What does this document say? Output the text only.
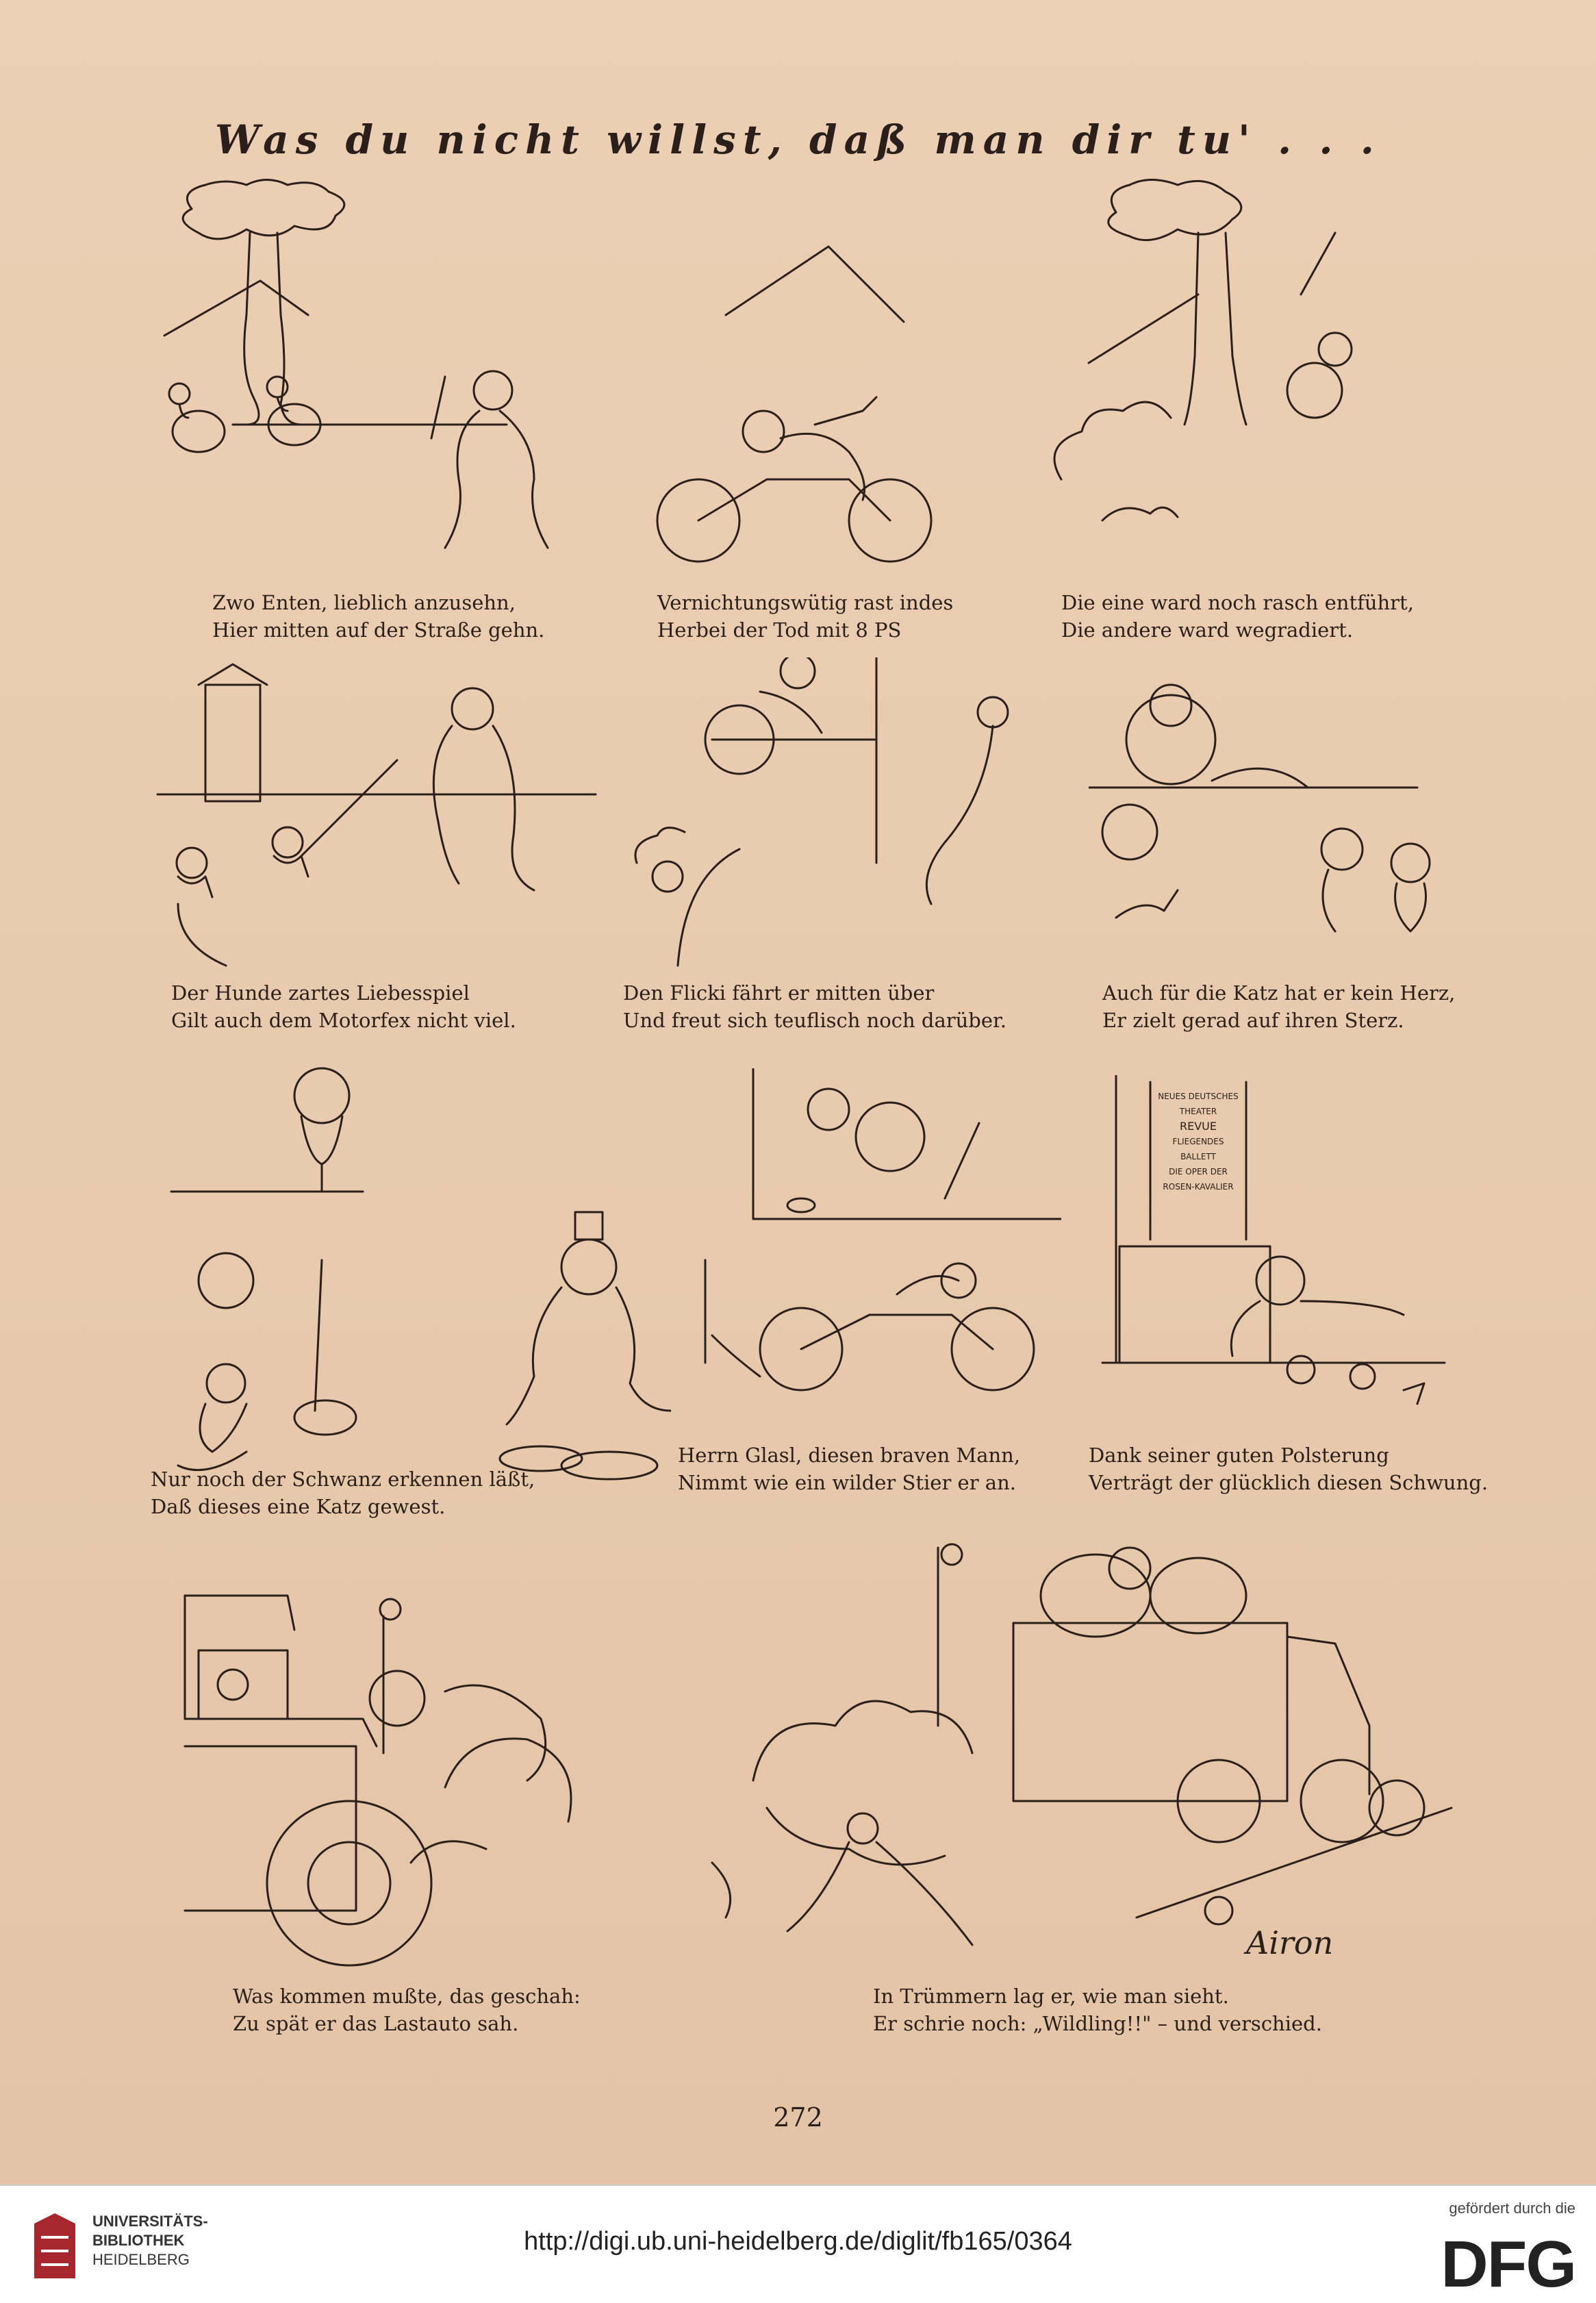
Was du nicht willst, daß man dir tu' . . .
Zwo Enten, lieblich anzusehn,
Hier mitten auf der Straße gehn.
Vernichtungswütig rast indes
Herbei der Tod mit 8 PS
Die eine ward noch rasch entführt,
Die andere ward wegradiert.
Der Hunde zartes Liebesspiel
Gilt auch dem Motorfex nicht viel.
Den Flicki fährt er mitten über
Und freut sich teuflisch noch darüber.
Auch für die Katz hat er kein Herz,
Er zielt gerad auf ihren Sterz.
Nur noch der Schwanz erkennen läßt,
Daß dieses eine Katz gewest.
Herrn Glasl, diesen braven Mann,
Nimmt wie ein wilder Stier er an.
NEUES DEUTSCHES THEATER
REVUE
FLIEGENDES BALLETT
DIE OPER DER ROSEN-KAVALIER
Dank seiner guten Polsterung
Verträgt der glücklich diesen Schwung.
Was kommen mußte, das geschah:
Zu spät er das Lastauto sah.
Airon
In Trümmern lag er, wie man sieht.
Er schrie noch: „Wildling!!" – und verschied.
272
UNIVERSITÄTS-
BIBLIOTHEK
HEIDELBERG
http://digi.ub.uni-heidelberg.de/diglit/fb165/0364
gefördert durch die
DFG
